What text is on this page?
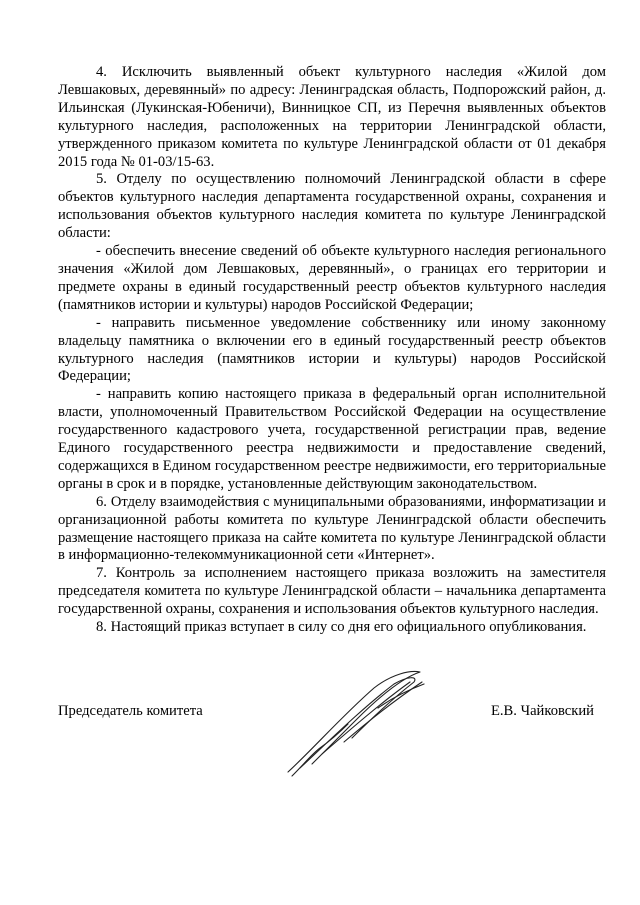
4. Исключить выявленный объект культурного наследия «Жилой дом Левшаковых, деревянный» по адресу: Ленинградская область, Подпорожский район, д. Ильинская (Лукинская-Юбеничи), Винницкое СП, из Перечня выявленных объектов культурного наследия, расположенных на территории Ленинградской области, утвержденного приказом комитета по культуре Ленинградской области от 01 декабря 2015 года № 01-03/15-63.

5. Отделу по осуществлению полномочий Ленинградской области в сфере объектов культурного наследия департамента государственной охраны, сохранения и использования объектов культурного наследия комитета по культуре Ленинградской области:

- обеспечить внесение сведений об объекте культурного наследия регионального значения «Жилой дом Левшаковых, деревянный», о границах его территории и предмете охраны в единый государственный реестр объектов культурного наследия (памятников истории и культуры) народов Российской Федерации;

- направить письменное уведомление собственнику или иному законному владельцу памятника о включении его в единый государственный реестр объектов культурного наследия (памятников истории и культуры) народов Российской Федерации;

- направить копию настоящего приказа в федеральный орган исполнительной власти, уполномоченный Правительством Российской Федерации на осуществление государственного кадастрового учета, государственной регистрации прав, ведение Единого государственного реестра недвижимости и предоставление сведений, содержащихся в Едином государственном реестре недвижимости, его территориальные органы в срок и в порядке, установленные действующим законодательством.

6. Отделу взаимодействия с муниципальными образованиями, информатизации и организационной работы комитета по культуре Ленинградской области обеспечить размещение настоящего приказа на сайте комитета по культуре Ленинградской области в информационно-телекоммуникационной сети «Интернет».

7. Контроль за исполнением настоящего приказа возложить на заместителя председателя комитета по культуре Ленинградской области – начальника департамента государственной охраны, сохранения и использования объектов культурного наследия.

8. Настоящий приказ вступает в силу со дня его официального опубликования.

Председатель комитета	Е.В. Чайковский
